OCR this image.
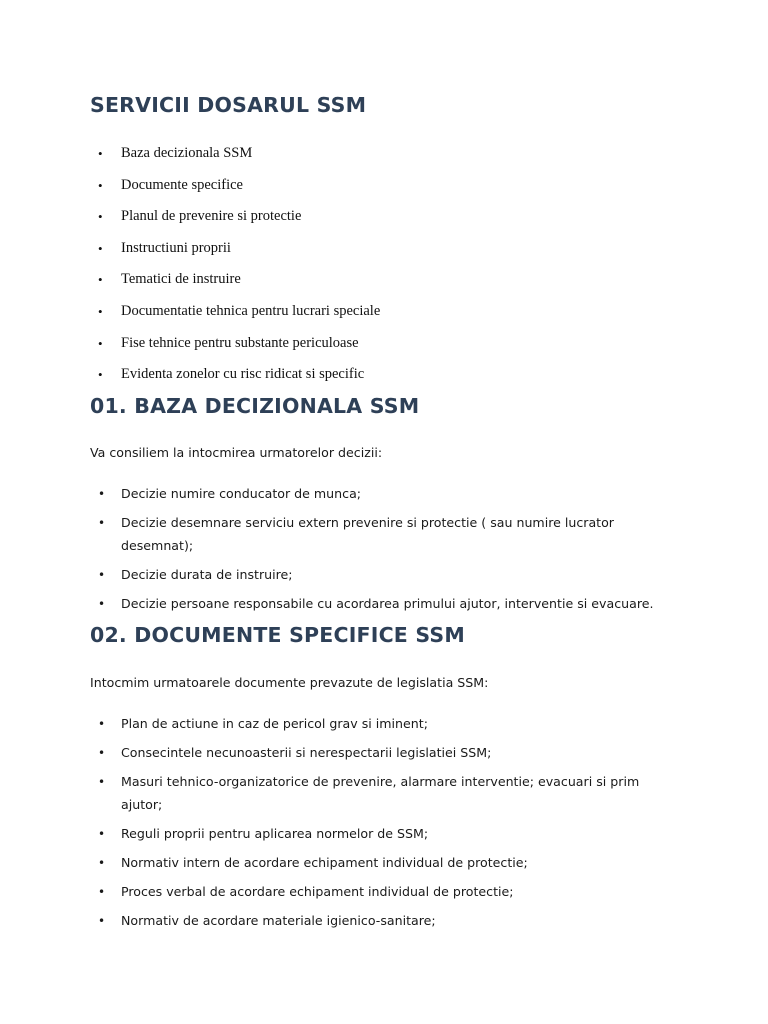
SERVICII DOSARUL SSM
• Baza decizionala SSM
• Documente specifice
• Planul de prevenire si protectie
• Instructiuni proprii
• Tematici de instruire
• Documentatie tehnica pentru lucrari speciale
• Fise tehnice pentru substante periculoase
• Evidenta zonelor cu risc ridicat si specific
01. BAZA DECIZIONALA SSM

Va consiliem la intocmirea urmatorelor decizii:

• Decizie numire conducator de munca;
• Decizie desemnare serviciu extern prevenire si protectie ( sau numire lucrator desemnat);
• Decizie durata de instruire;
• Decizie persoane responsabile cu acordarea primului ajutor, interventie si evacuare.
02. DOCUMENTE SPECIFICE SSM

Intocmim urmatoarele documente prevazute de legislatia SSM:

• Plan de actiune in caz de pericol grav si iminent;
• Consecintele necunoasterii si nerespectarii legislatiei SSM;
• Masuri tehnico-organizatorice de prevenire, alarmare interventie; evacuari si prim ajutor;
• Reguli proprii pentru aplicarea normelor de SSM;
• Normativ intern de acordare echipament individual de protectie;
• Proces verbal de acordare echipament individual de protectie;
• Normativ de acordare materiale igienico-sanitare;
